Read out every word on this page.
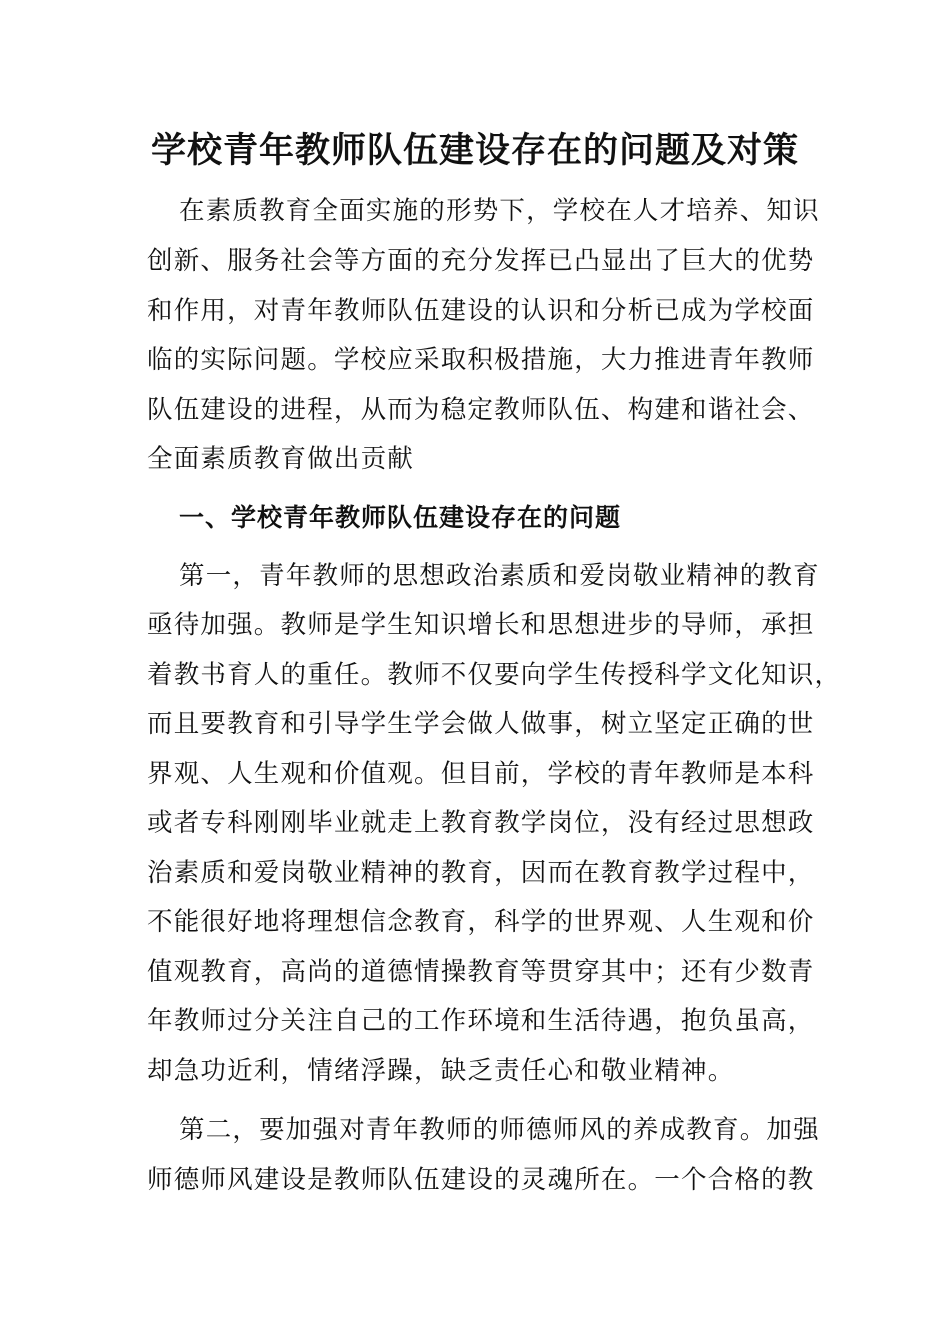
学校青年教师队伍建设存在的问题及对策
在素质教育全面实施的形势下，学校在人才培养、知识
创新、服务社会等方面的充分发挥已凸显出了巨大的优势
和作用，对青年教师队伍建设的认识和分析已成为学校面
临的实际问题。学校应采取积极措施，大力推进青年教师
队伍建设的进程，从而为稳定教师队伍、构建和谐社会、
全面素质教育做出贡献
一、学校青年教师队伍建设存在的问题
第一，青年教师的思想政治素质和爱岗敬业精神的教育
亟待加强。教师是学生知识增长和思想进步的导师，承担
着教书育人的重任。教师不仅要向学生传授科学文化知识，
而且要教育和引导学生学会做人做事，树立坚定正确的世
界观、人生观和价值观。但目前，学校的青年教师是本科
或者专科刚刚毕业就走上教育教学岗位，没有经过思想政
治素质和爱岗敬业精神的教育，因而在教育教学过程中，
不能很好地将理想信念教育，科学的世界观、人生观和价
值观教育，高尚的道德情操教育等贯穿其中；还有少数青
年教师过分关注自己的工作环境和生活待遇，抱负虽高，
却急功近利，情绪浮躁，缺乏责任心和敬业精神。
第二，要加强对青年教师的师德师风的养成教育。加强
师德师风建设是教师队伍建设的灵魂所在。一个合格的教
